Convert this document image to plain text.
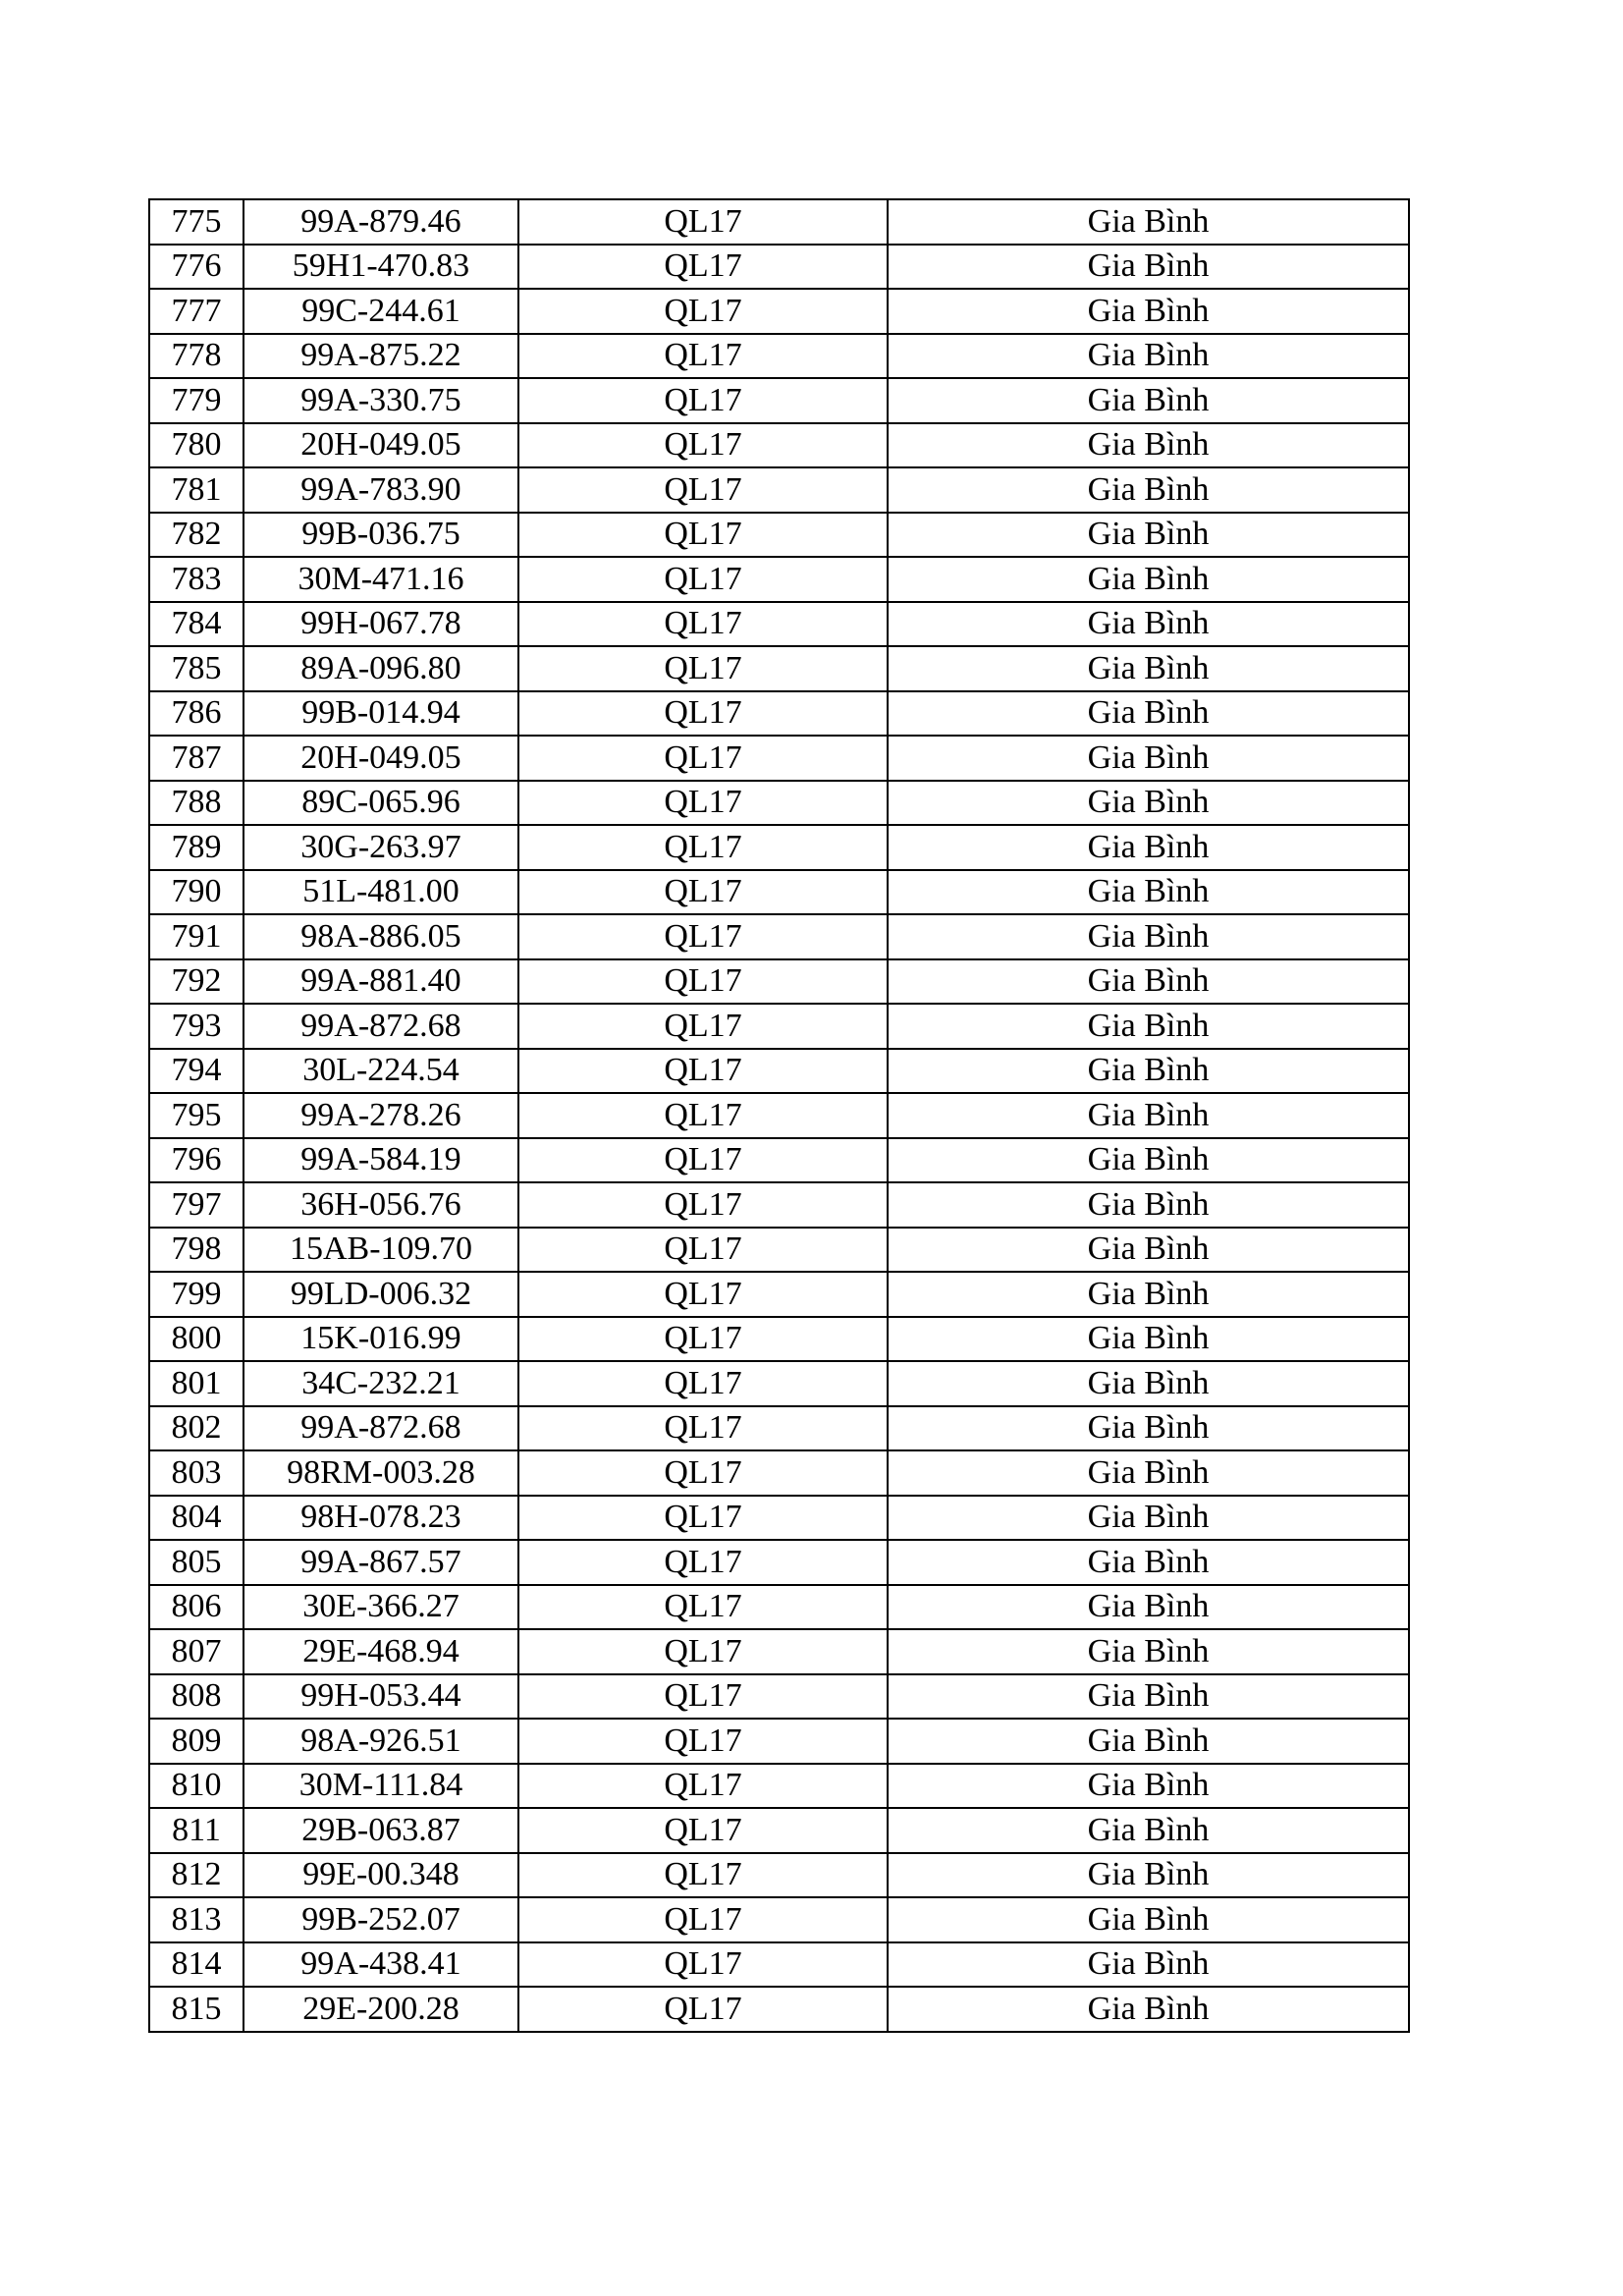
775	99A-879.46	QL17	Gia Bình
776	59H1-470.83	QL17	Gia Bình
777	99C-244.61	QL17	Gia Bình
778	99A-875.22	QL17	Gia Bình
779	99A-330.75	QL17	Gia Bình
780	20H-049.05	QL17	Gia Bình
781	99A-783.90	QL17	Gia Bình
782	99B-036.75	QL17	Gia Bình
783	30M-471.16	QL17	Gia Bình
784	99H-067.78	QL17	Gia Bình
785	89A-096.80	QL17	Gia Bình
786	99B-014.94	QL17	Gia Bình
787	20H-049.05	QL17	Gia Bình
788	89C-065.96	QL17	Gia Bình
789	30G-263.97	QL17	Gia Bình
790	51L-481.00	QL17	Gia Bình
791	98A-886.05	QL17	Gia Bình
792	99A-881.40	QL17	Gia Bình
793	99A-872.68	QL17	Gia Bình
794	30L-224.54	QL17	Gia Bình
795	99A-278.26	QL17	Gia Bình
796	99A-584.19	QL17	Gia Bình
797	36H-056.76	QL17	Gia Bình
798	15AB-109.70	QL17	Gia Bình
799	99LD-006.32	QL17	Gia Bình
800	15K-016.99	QL17	Gia Bình
801	34C-232.21	QL17	Gia Bình
802	99A-872.68	QL17	Gia Bình
803	98RM-003.28	QL17	Gia Bình
804	98H-078.23	QL17	Gia Bình
805	99A-867.57	QL17	Gia Bình
806	30E-366.27	QL17	Gia Bình
807	29E-468.94	QL17	Gia Bình
808	99H-053.44	QL17	Gia Bình
809	98A-926.51	QL17	Gia Bình
810	30M-111.84	QL17	Gia Bình
811	29B-063.87	QL17	Gia Bình
812	99E-00.348	QL17	Gia Bình
813	99B-252.07	QL17	Gia Bình
814	99A-438.41	QL17	Gia Bình
815	29E-200.28	QL17	Gia Bình
